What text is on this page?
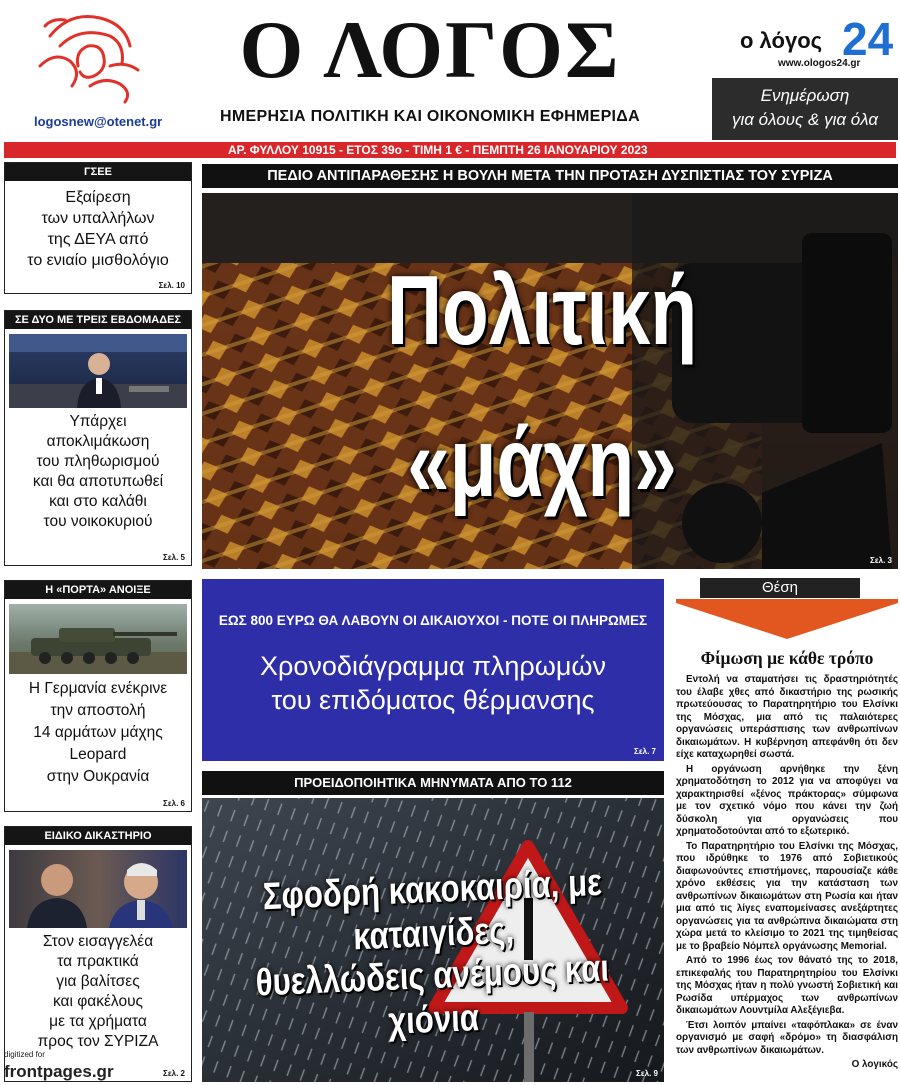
logosnew@otenet.gr
Ο ΛΟΓΟΣ
ΗΜΕΡΗΣΙΑ ΠΟΛΙΤΙΚΗ ΚΑΙ ΟΙΚΟΝΟΜΙΚΗ ΕΦΗΜΕΡΙΔΑ
ο λόγος 24
www.ologos24.gr
Ενημέρωση
για όλους & για όλα
ΑΡ. ΦΥΛΛΟΥ 10915 - ΕΤΟΣ 39ο - ΤΙΜΗ 1 € - ΠΕΜΠΤΗ 26 ΙΑΝΟΥΑΡΙΟΥ 2023
ΓΣΕΕ
Εξαίρεση
των υπαλλήλων
της ΔΕΥΑ από
το ενιαίο μισθολόγιο
Σελ. 10
ΣΕ ΔΥΟ ΜΕ ΤΡΕΙΣ ΕΒΔΟΜΑΔΕΣ
Υπάρχει
αποκλιμάκωση
του πληθωρισμού
και θα αποτυπωθεί
και στο καλάθι
του νοικοκυριού
Σελ. 5
Η «ΠΟΡΤΑ» ΑΝΟΙΞΕ
Η Γερμανία ενέκρινε
την αποστολή
14 αρμάτων μάχης
Leopard
στην Ουκρανία
Σελ. 6
ΕΙΔΙΚΟ ΔΙΚΑΣΤΗΡΙΟ
Στον εισαγγελέα
τα πρακτικά
για βαλίτσες
και φακέλους
με τα χρήματα
προς τον ΣΥΡΙΖΑ
Σελ. 2
ΠΕΔΙΟ ΑΝΤΙΠΑΡΑΘΕΣΗΣ Η ΒΟΥΛΗ ΜΕΤΑ ΤΗΝ ΠΡΟΤΑΣΗ ΔΥΣΠΙΣΤΙΑΣ ΤΟΥ ΣΥΡΙΖΑ
Πολιτική
«μάχη»
Σελ. 3
ΕΩΣ 800 ΕΥΡΩ ΘΑ ΛΑΒΟΥΝ ΟΙ ΔΙΚΑΙΟΥΧΟΙ - ΠΟΤΕ ΟΙ ΠΛΗΡΩΜΕΣ
Χρονοδιάγραμμα πληρωμών
του επιδόματος θέρμανσης
Σελ. 7
ΠΡΟΕΙΔΟΠΟΙΗΤΙΚΑ ΜΗΝΥΜΑΤΑ ΑΠΟ ΤΟ 112
Σφοδρή κακοκαιρία, με καταιγίδες,
θυελλώδεις ανέμους και χιόνια
Σελ. 9
Θέση
Φίμωση με κάθε τρόπο

Εντολή να σταματήσει τις δραστηριότητές του έλαβε χθες από δικαστήριο της ρωσικής πρωτεύουσας το Παρατηρητήριο του Ελσίνκι της Μόσχας, μια από τις παλαιότερες οργανώσεις υπεράσπισης των ανθρωπίνων δικαιωμάτων. Η κυβέρνηση απεφάνθη ότι δεν είχε καταχωρηθεί σωστά.

Η οργάνωση αρνήθηκε την ξένη χρηματοδότηση το 2012 για να αποφύγει να χαρακτηρισθεί «ξένος πράκτορας» σύμφωνα με τον σχετικό νόμο που κάνει την ζωή δύσκολη για οργανώσεις που χρηματοδοτούνται από το εξωτερικό.

Το Παρατηρητήριο του Ελσίνκι της Μόσχας, που ιδρύθηκε το 1976 από Σοβιετικούς διαφωνούντες επιστήμονες, παρουσίαζε κάθε χρόνο εκθέσεις για την κατάσταση των ανθρωπίνων δικαιωμάτων στη Ρωσία και ήταν μια από τις λίγες εναπομείνασες ανεξάρτητες οργανώσεις για τα ανθρώπινα δικαιώματα στη χώρα μετά το κλείσιμο το 2021 της τιμηθείσας με το βραβείο Νόμπελ οργάνωσης Memorial.

Από το 1996 έως τον θάνατό της το 2018, επικεφαλής του Παρατηρητηρίου του Ελσίνκι της Μόσχας ήταν η πολύ γνωστή Σοβιετική και Ρωσίδα υπέρμαχος των ανθρωπίνων δικαιωμάτων Λουντμίλα Αλεξέγιεβα.

Έτσι λοιπόν μπαίνει «ταφόπλακα» σε έναν οργανισμό με σαφή «δρόμο» τη διασφάλιση των ανθρωπίνων δικαιωμάτων.

Ο λογικός
digitized for
frontpages.gr
